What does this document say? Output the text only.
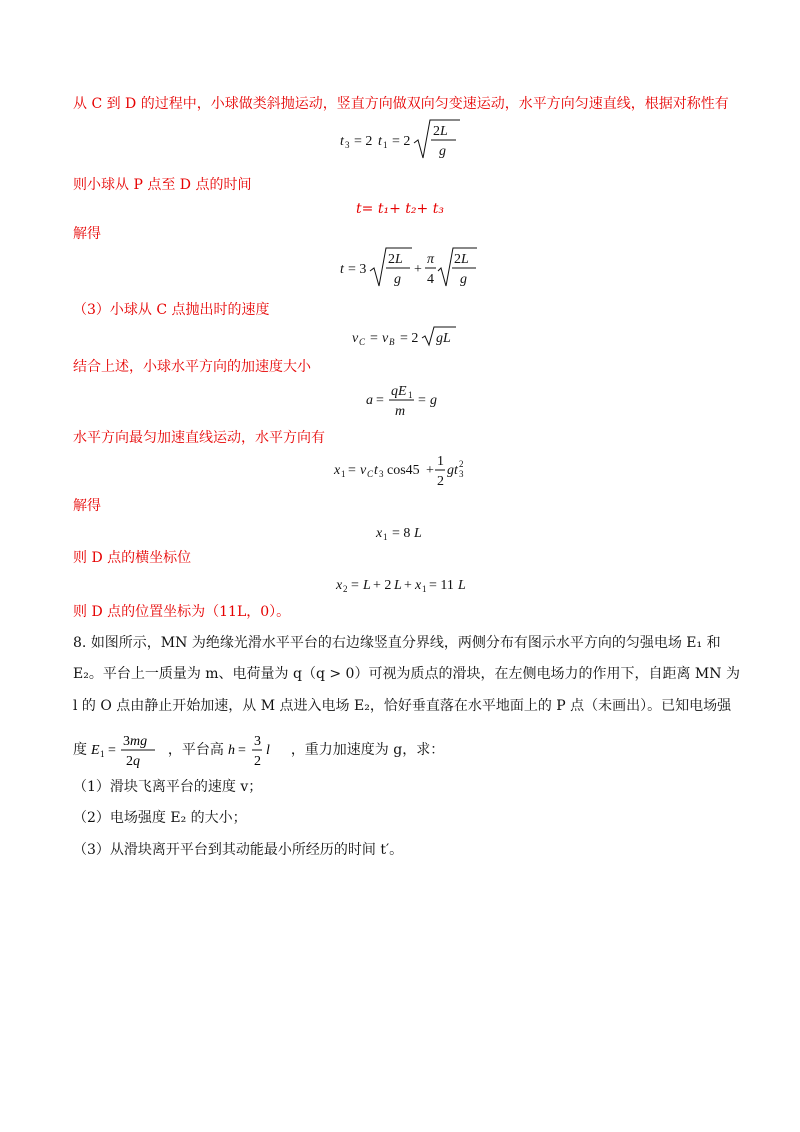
从 C 到 D 的过程中，小球做类斜抛运动，竖直方向做双向匀变速运动，水平方向匀速直线，根据对称性有
t 3 = 2 t 1 = 2
2L
g
则小球从 P 点至 D 点的时间
t= t₁+ t₂+ t₃
解得
t = 3
2L
g
+
π
4
2L
g
（3）小球从 C 点抛出时的速度
v C = v B = 2 gL
结合上述，小球水平方向的加速度大小
a =
qE 1
m
= g
水平方向最匀加速直线运动，水平方向有
x 1 = v C t 3 cos45 +
1
2
gt 3
2
解得
x 1 = 8 L
则 D 点的横坐标位
x 2 = L + 2 L + x 1 = 11 L
则 D 点的位置坐标为（11L，0）。
8. 如图所示，MN 为绝缘光滑水平平台的右边缘竖直分界线，两侧分布有图示水平方向的匀强电场 E₁ 和
E₂。平台上一质量为 m、电荷量为 q（q > 0）可视为质点的滑块，在左侧电场力的作用下，自距离 MN 为
l 的 O 点由静止开始加速，从 M 点进入电场 E₂，恰好垂直落在水平地面上的 P 点（未画出）。已知电场强
度 E 1 =
3mg
2q
，平台高 h =
3
2
l ，重力加速度为 g，求：
（1）滑块飞离平台的速度 v；
（2）电场强度 E₂ 的大小；
（3）从滑块离开平台到其动能最小所经历的时间 t′。
